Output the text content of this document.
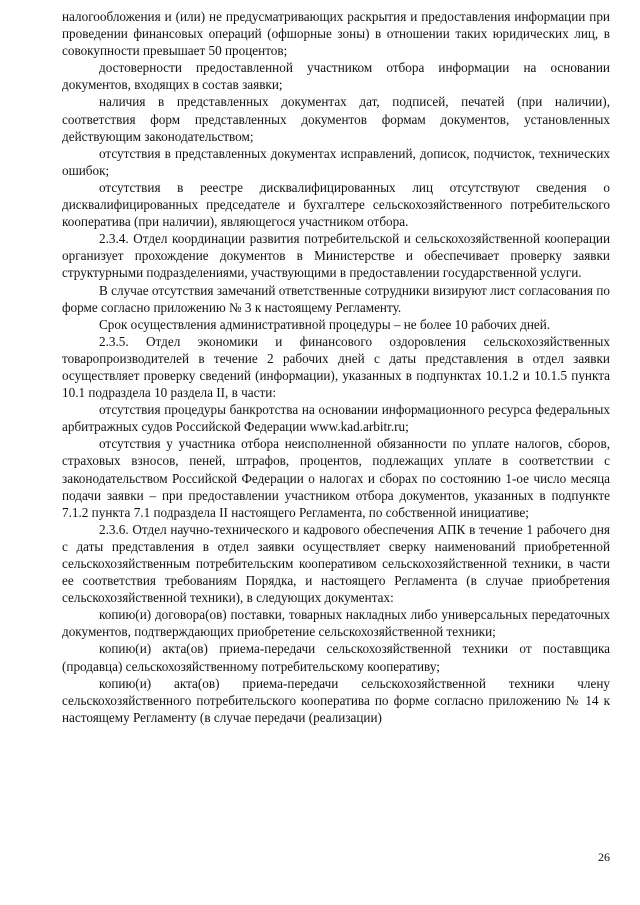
налогообложения и (или) не предусматривающих раскрытия и предоставления информации при проведении финансовых операций (офшорные зоны) в отношении таких юридических лиц, в совокупности превышает 50 процентов;

достоверности предоставленной участником отбора информации на основании документов, входящих в состав заявки;

наличия в представленных документах дат, подписей, печатей (при наличии), соответствия форм представленных документов формам документов, установленных действующим законодательством;

отсутствия в представленных документах исправлений, дописок, подчисток, технических ошибок;

отсутствия в реестре дисквалифицированных лиц отсутствуют сведения о дисквалифицированных председателе и бухгалтере сельскохозяйственного потребительского кооператива (при наличии), являющегося участником отбора.

2.3.4. Отдел координации развития потребительской и сельскохозяйственной кооперации организует прохождение документов в Министерстве и обеспечивает проверку заявки структурными подразделениями, участвующими в предоставлении государственной услуги.

В случае отсутствия замечаний ответственные сотрудники визируют лист согласования по форме согласно приложению № 3 к настоящему Регламенту.

Срок осуществления административной процедуры – не более 10 рабочих дней.

2.3.5. Отдел экономики и финансового оздоровления сельскохозяйственных товаропроизводителей в течение 2 рабочих дней с даты представления в отдел заявки осуществляет проверку сведений (информации), указанных в подпунктах 10.1.2 и 10.1.5 пункта 10.1 подраздела 10 раздела II, в части:

отсутствия процедуры банкротства на основании информационного ресурса федеральных арбитражных судов Российской Федерации www.kad.arbitr.ru;

отсутствия у участника отбора неисполненной обязанности по уплате налогов, сборов, страховых взносов, пеней, штрафов, процентов, подлежащих уплате в соответствии с законодательством Российской Федерации о налогах и сборах по состоянию 1-ое число месяца подачи заявки – при предоставлении участником отбора документов, указанных в подпункте 7.1.2 пункта 7.1 подраздела II настоящего Регламента, по собственной инициативе;

2.3.6. Отдел научно-технического и кадрового обеспечения АПК в течение 1 рабочего дня с даты представления в отдел заявки осуществляет сверку наименований приобретенной сельскохозяйственным потребительским кооперативом сельскохозяйственной техники, в части ее соответствия требованиям Порядка, и настоящего Регламента (в случае приобретения сельскохозяйственной техники), в следующих документах:

копию(и) договора(ов) поставки, товарных накладных либо универсальных передаточных документов, подтверждающих приобретение сельскохозяйственной техники;

копию(и) акта(ов) приема-передачи сельскохозяйственной техники от поставщика (продавца) сельскохозяйственному потребительскому кооперативу;

копию(и) акта(ов) приема-передачи сельскохозяйственной техники члену сельскохозяйственного потребительского кооператива по форме согласно приложению № 14 к настоящему Регламенту (в случае передачи (реализации)

26
